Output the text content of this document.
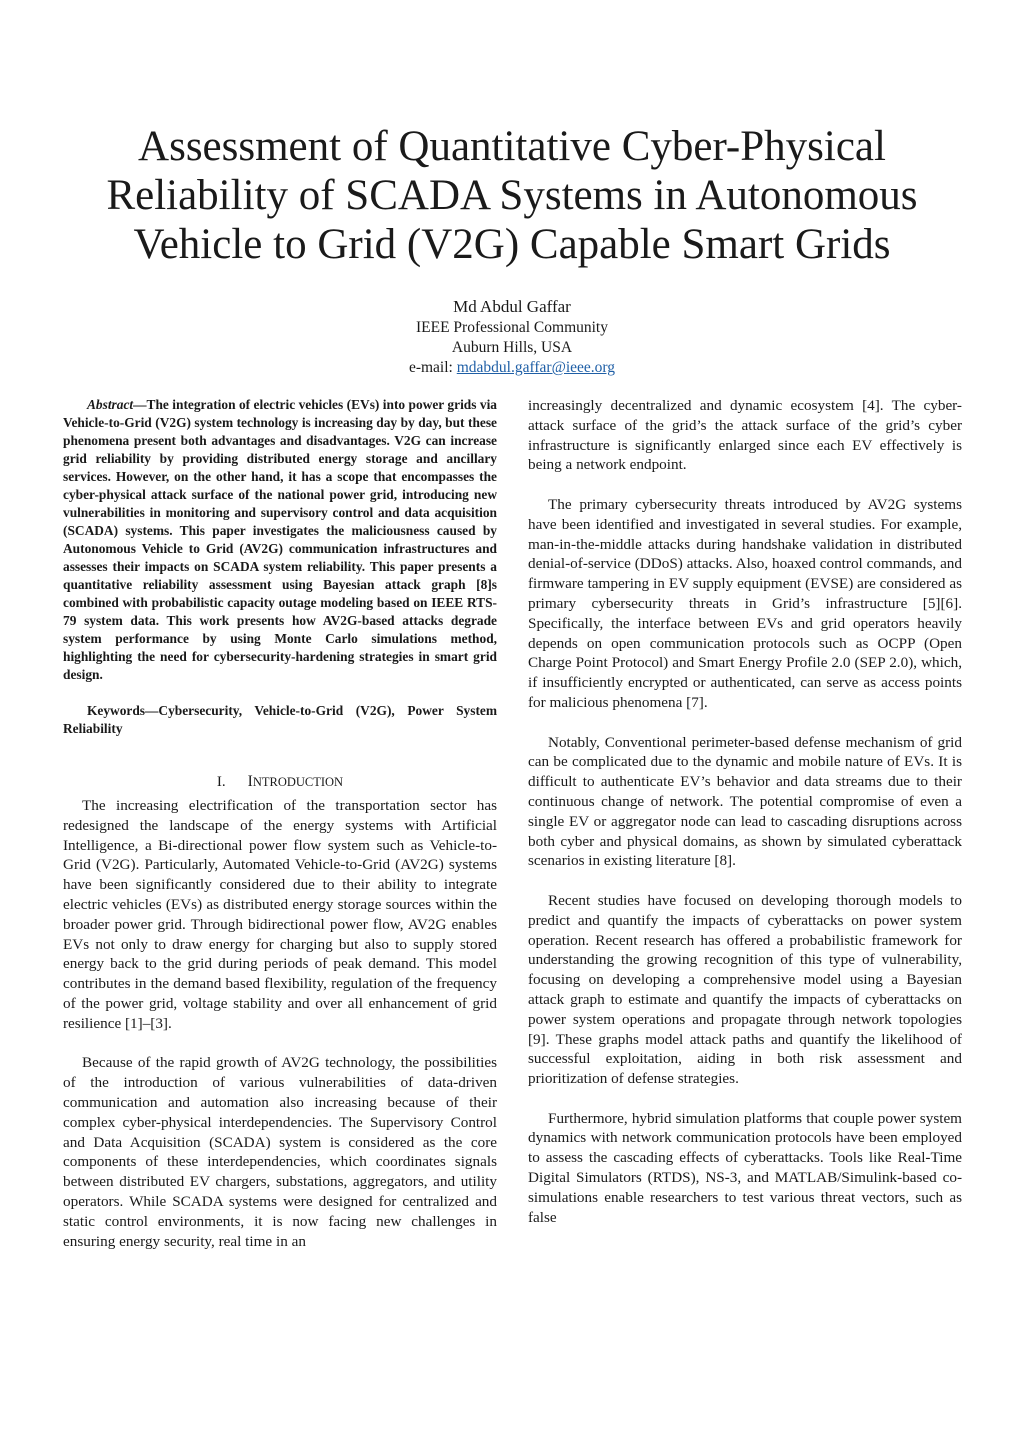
Assessment of Quantitative Cyber-Physical Reliability of SCADA Systems in Autonomous Vehicle to Grid (V2G) Capable Smart Grids
Md Abdul Gaffar
IEEE Professional Community
Auburn Hills, USA
e-mail: mdabdul.gaffar@ieee.org

Abstract—The integration of electric vehicles (EVs) into power grids via Vehicle-to-Grid (V2G) system technology is increasing day by day, but these phenomena present both advantages and disadvantages. V2G can increase grid reliability by providing distributed energy storage and ancillary services. However, on the other hand, it has a scope that encompasses the cyber-physical attack surface of the national power grid, introducing new vulnerabilities in monitoring and supervisory control and data acquisition (SCADA) systems. This paper investigates the maliciousness caused by Autonomous Vehicle to Grid (AV2G) communication infrastructures and assesses their impacts on SCADA system reliability. This paper presents a quantitative reliability assessment using Bayesian attack graph [8]s combined with probabilistic capacity outage modeling based on IEEE RTS-79 system data. This work presents how AV2G-based attacks degrade system performance by using Monte Carlo simulations method, highlighting the need for cybersecurity-hardening strategies in smart grid design.

Keywords—Cybersecurity, Vehicle-to-Grid (V2G), Power System Reliability

I. INTRODUCTION

The increasing electrification of the transportation sector has redesigned the landscape of the energy systems with Artificial Intelligence, a Bi-directional power flow system such as Vehicle-to-Grid (V2G). Particularly, Automated Vehicle-to-Grid (AV2G) systems have been significantly considered due to their ability to integrate electric vehicles (EVs) as distributed energy storage sources within the broader power grid. Through bidirectional power flow, AV2G enables EVs not only to draw energy for charging but also to supply stored energy back to the grid during periods of peak demand. This model contributes in the demand based flexibility, regulation of the frequency of the power grid, voltage stability and over all enhancement of grid resilience [1]–[3].

Because of the rapid growth of AV2G technology, the possibilities of the introduction of various vulnerabilities of data-driven communication and automation also increasing because of their complex cyber-physical interdependencies. The Supervisory Control and Data Acquisition (SCADA) system is considered as the core components of these interdependencies, which coordinates signals between distributed EV chargers, substations, aggregators, and utility operators. While SCADA systems were designed for centralized and static control environments, it is now facing new challenges in ensuring energy security, real time in an

increasingly decentralized and dynamic ecosystem [4]. The cyber-attack surface of the grid’s the attack surface of the grid’s cyber infrastructure is significantly enlarged since each EV effectively is being a network endpoint.

The primary cybersecurity threats introduced by AV2G systems have been identified and investigated in several studies. For example, man-in-the-middle attacks during handshake validation in distributed denial-of-service (DDoS) attacks. Also, hoaxed control commands, and firmware tampering in EV supply equipment (EVSE) are considered as primary cybersecurity threats in Grid’s infrastructure [5][6]. Specifically, the interface between EVs and grid operators heavily depends on open communication protocols such as OCPP (Open Charge Point Protocol) and Smart Energy Profile 2.0 (SEP 2.0), which, if insufficiently encrypted or authenticated, can serve as access points for malicious phenomena [7].

Notably, Conventional perimeter-based defense mechanism of grid can be complicated due to the dynamic and mobile nature of EVs. It is difficult to authenticate EV’s behavior and data streams due to their continuous change of network. The potential compromise of even a single EV or aggregator node can lead to cascading disruptions across both cyber and physical domains, as shown by simulated cyberattack scenarios in existing literature [8].

Recent studies have focused on developing thorough models to predict and quantify the impacts of cyberattacks on power system operation. Recent research has offered a probabilistic framework for understanding the growing recognition of this type of vulnerability, focusing on developing a comprehensive model using a Bayesian attack graph to estimate and quantify the impacts of cyberattacks on power system operations and propagate through network topologies [9]. These graphs model attack paths and quantify the likelihood of successful exploitation, aiding in both risk assessment and prioritization of defense strategies.

Furthermore, hybrid simulation platforms that couple power system dynamics with network communication protocols have been employed to assess the cascading effects of cyberattacks. Tools like Real-Time Digital Simulators (RTDS), NS-3, and MATLAB/Simulink-based co-simulations enable researchers to test various threat vectors, such as false
